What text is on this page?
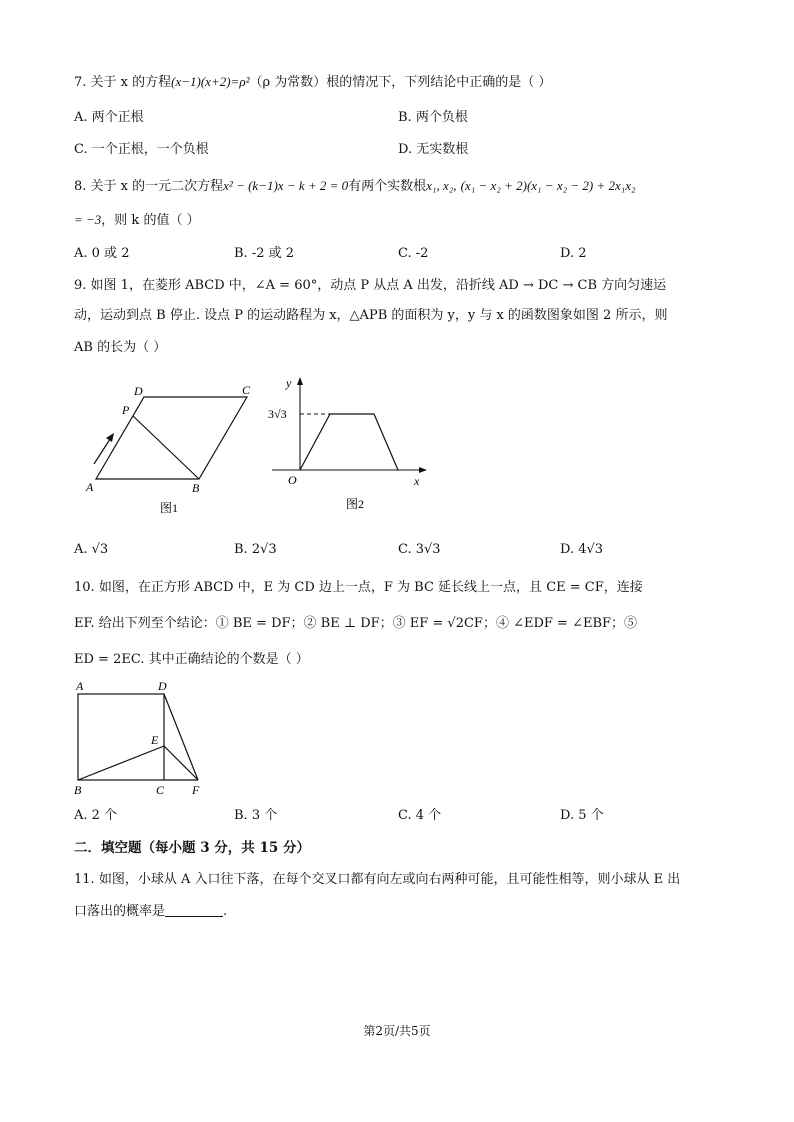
7. 关于 x 的方程(x−1)(x+2)=ρ²（ρ 为常数）根的情况下，下列结论中正确的是（ ）
A. 两个正根	B. 两个负根
C. 一个正根，一个负根	D. 无实数根
8. 关于 x 的一元二次方程x² − (k−1)x − k + 2 = 0有两个实数根x₁, x₂, (x₁ − x₂ + 2)(x₁ − x₂ − 2) + 2x₁x₂
= −3，则 k 的值（ ）
A. 0 或 2	B. -2 或 2	C. -2	D. 2
9. 如图 1，在菱形 ABCD 中，∠A = 60°，动点 P 从点 A 出发，沿折线 AD → DC → CB 方向匀速运
动，运动到点 B 停止. 设点 P 的运动路程为 x，△APB 的面积为 y，y 与 x 的函数图象如图 2 所示，则
AB 的长为（ ）
A	B
C
D
P
图1
y
x
O
3√3
图2
A. √3	B. 2√3	C. 3√3	D. 4√3
10. 如图，在正方形 ABCD 中，E 为 CD 边上一点，F 为 BC 延长线上一点，且 CE = CF，连接
EF. 给出下列至个结论：① BE = DF；② BE ⊥ DF；③ EF = √2CF；④ ∠EDF = ∠EBF；⑤
ED = 2EC. 其中正确结论的个数是（ ）
A
B	C
D
E
F
A. 2 个	B. 3 个	C. 4 个	D. 5 个
二．填空题（每小题 3 分，共 15 分）
11. 如图，小球从 A 入口往下落，在每个交叉口都有向左或向右两种可能，且可能性相等，则小球从 E 出
口落出的概率是	.
第2页/共5页
